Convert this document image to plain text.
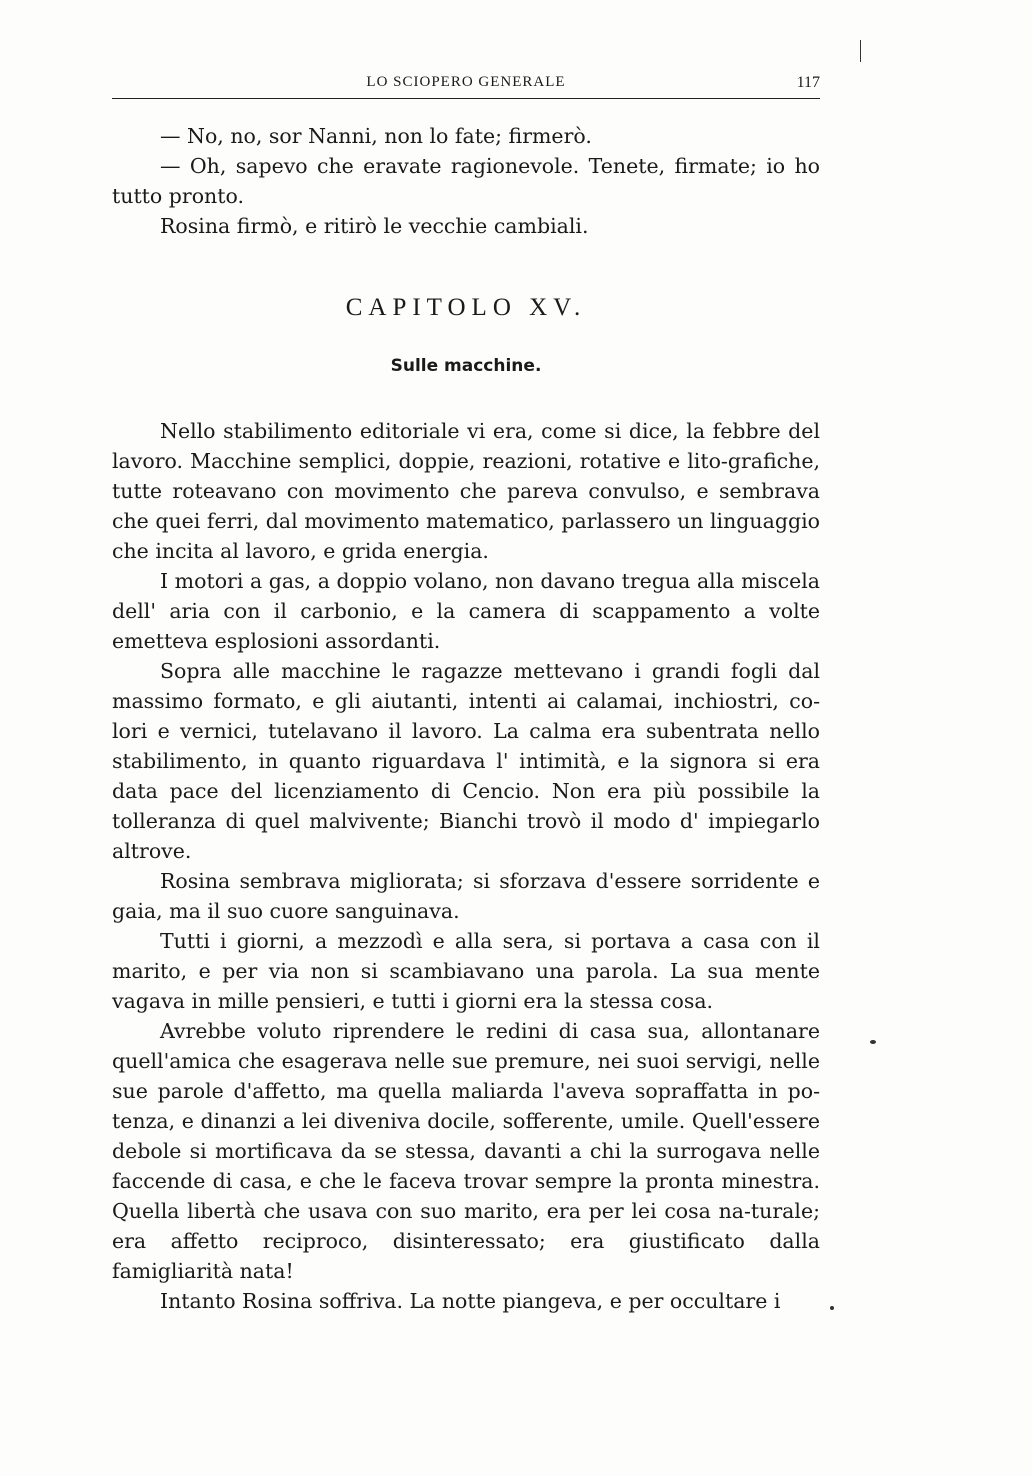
LO SCIOPERO GENERALE	117

— No, no, sor Nanni, non lo fate; firmerò.

— Oh, sapevo che eravate ragionevole. Tenete, firmate; io ho tutto pronto.

Rosina firmò, e ritirò le vecchie cambiali.

CAPITOLO XV.
Sulle macchine.

Nello stabilimento editoriale vi era, come si dice, la febbre del lavoro. Macchine semplici, doppie, reazioni, rotative e lito-grafiche, tutte roteavano con movimento che pareva convulso, e sembrava che quei ferri, dal movimento matematico, parlassero un linguaggio che incita al lavoro, e grida energia.

I motori a gas, a doppio volano, non davano tregua alla miscela dell' aria con il carbonio, e la camera di scappamento a volte emetteva esplosioni assordanti.

Sopra alle macchine le ragazze mettevano i grandi fogli dal massimo formato, e gli aiutanti, intenti ai calamai, inchiostri, co-lori e vernici, tutelavano il lavoro. La calma era subentrata nello stabilimento, in quanto riguardava l' intimità, e la signora si era data pace del licenziamento di Cencio. Non era più possibile la tolleranza di quel malvivente; Bianchi trovò il modo d' impiegarlo altrove.

Rosina sembrava migliorata; si sforzava d'essere sorridente e gaia, ma il suo cuore sanguinava.

Tutti i giorni, a mezzodì e alla sera, si portava a casa con il marito, e per via non si scambiavano una parola. La sua mente vagava in mille pensieri, e tutti i giorni era la stessa cosa.

Avrebbe voluto riprendere le redini di casa sua, allontanare quell'amica che esagerava nelle sue premure, nei suoi servigi, nelle sue parole d'affetto, ma quella maliarda l'aveva sopraffatta in po-tenza, e dinanzi a lei diveniva docile, sofferente, umile. Quell'essere debole si mortificava da se stessa, davanti a chi la surrogava nelle faccende di casa, e che le faceva trovar sempre la pronta minestra. Quella libertà che usava con suo marito, era per lei cosa na-turale; era affetto reciproco, disinteressato; era giustificato dalla famigliarità nata!

Intanto Rosina soffriva. La notte piangeva, e per occultare i
